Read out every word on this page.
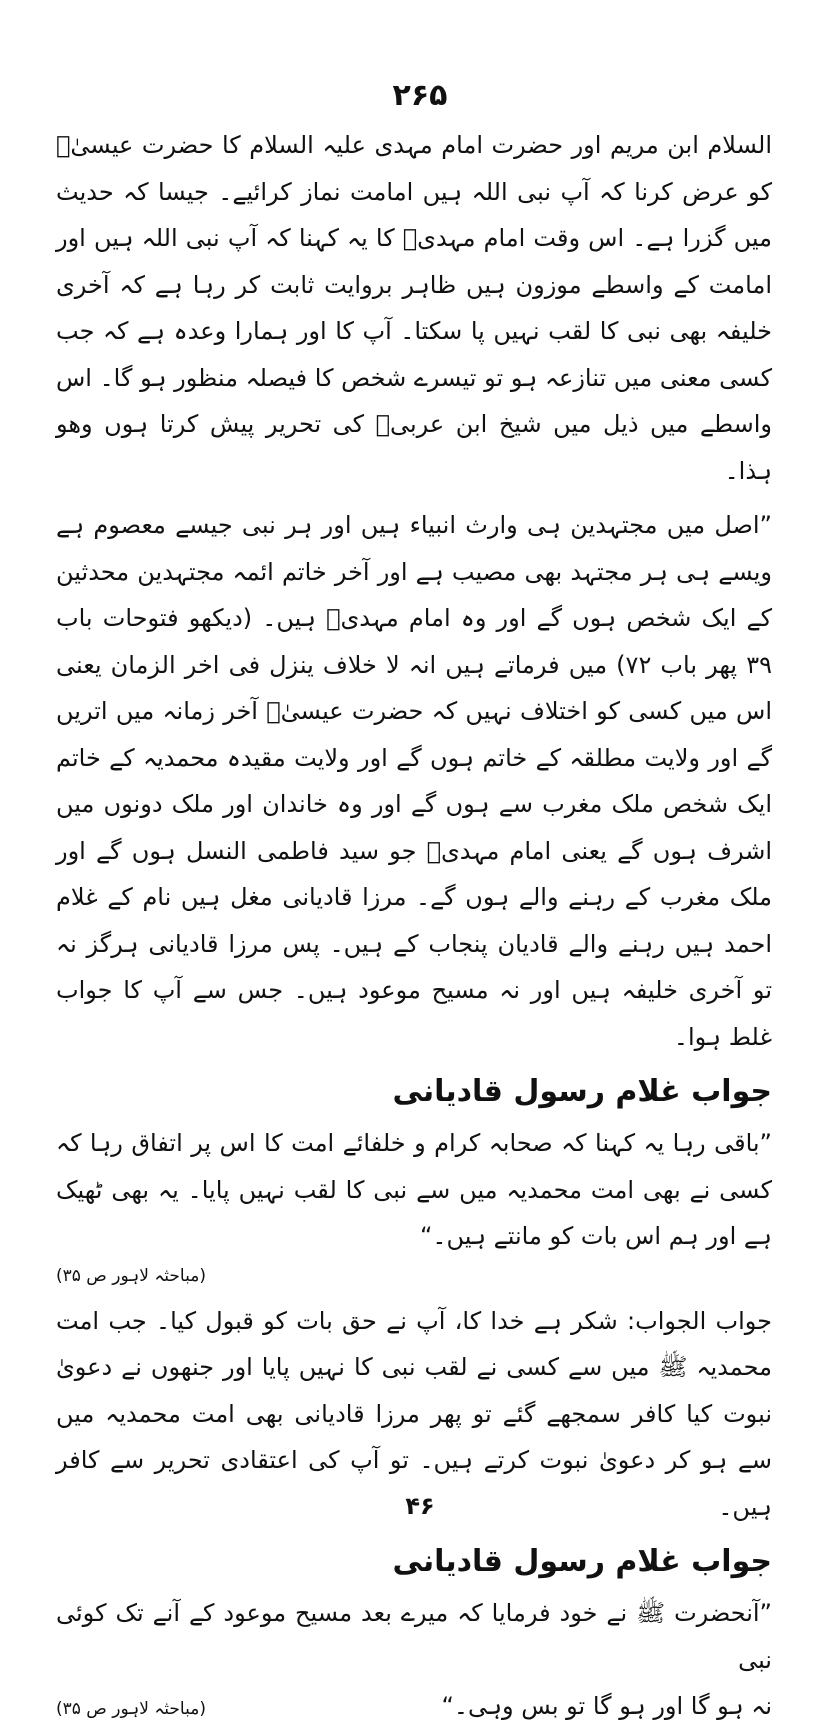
۲۶۵

السلام ابن مریم اور حضرت امام مہدی علیہ السلام کا حضرت عیسیٰؑ کو عرض کرنا کہ آپ نبی اللہ ہیں امامت نماز کرائیے۔ جیسا کہ حدیث میں گزرا ہے۔ اس وقت امام مہدیؑ کا یہ کہنا کہ آپ نبی اللہ ہیں اور امامت کے واسطے موزون ہیں ظاہر بروایت ثابت کر رہا ہے کہ آخری خلیفہ بھی نبی کا لقب نہیں پا سکتا۔ آپ کا اور ہمارا وعدہ ہے کہ جب کسی معنی میں تنازعہ ہو تو تیسرے شخص کا فیصلہ منظور ہو گا۔ اس واسطے میں ذیل میں شیخ ابن عربیؒ کی تحریر پیش کرتا ہوں وھو ہذا۔

”اصل میں مجتہدین ہی وارث انبیاء ہیں اور ہر نبی جیسے معصوم ہے ویسے ہی ہر مجتہد بھی مصیب ہے اور آخر خاتم ائمہ مجتہدین محدثین کے ایک شخص ہوں گے اور وہ امام مہدیؑ ہیں۔ (دیکھو فتوحات باب ۳۹ پھر باب ۷۲) میں فرماتے ہیں انہ لا خلاف ینزل فی اخر الزمان یعنی اس میں کسی کو اختلاف نہیں کہ حضرت عیسیٰؑ آخر زمانہ میں اتریں گے اور ولایت مطلقہ کے خاتم ہوں گے اور ولایت مقیدہ محمدیہ کے خاتم ایک شخص ملک مغرب سے ہوں گے اور وہ خاندان اور ملک دونوں میں اشرف ہوں گے یعنی امام مہدیؑ جو سید فاطمی النسل ہوں گے اور ملک مغرب کے رہنے والے ہوں گے۔ مرزا قادیانی مغل ہیں نام کے غلام احمد ہیں رہنے والے قادیان پنجاب کے ہیں۔ پس مرزا قادیانی ہرگز نہ تو آخری خلیفہ ہیں اور نہ مسیح موعود ہیں۔ جس سے آپ کا جواب غلط ہوا۔

جواب غلام رسول قادیانی

”باقی رہا یہ کہنا کہ صحابہ کرام و خلفائے امت کا اس پر اتفاق رہا کہ کسی نے بھی امت محمدیہ میں سے نبی کا لقب نہیں پایا۔ یہ بھی ٹھیک ہے اور ہم اس بات کو مانتے ہیں۔“

(مباحثہ لاہور ص ۳۵)

جواب الجواب: شکر ہے خدا کا، آپ نے حق بات کو قبول کیا۔ جب امت محمدیہ ﷺ میں سے کسی نے لقب نبی کا نہیں پایا اور جنھوں نے دعویٰ نبوت کیا کافر سمجھے گئے تو پھر مرزا قادیانی بھی امت محمدیہ میں سے ہو کر دعویٰ نبوت کرتے ہیں۔ تو آپ کی اعتقادی تحریر سے کافر ہیں۔

جواب غلام رسول قادیانی

”آنحضرت ﷺ نے خود فرمایا کہ میرے بعد مسیح موعود کے آنے تک کوئی نبی

نہ ہو گا اور ہو گا تو بس وہی۔“
(مباحثہ لاہور ص ۳۵)
۴۶
